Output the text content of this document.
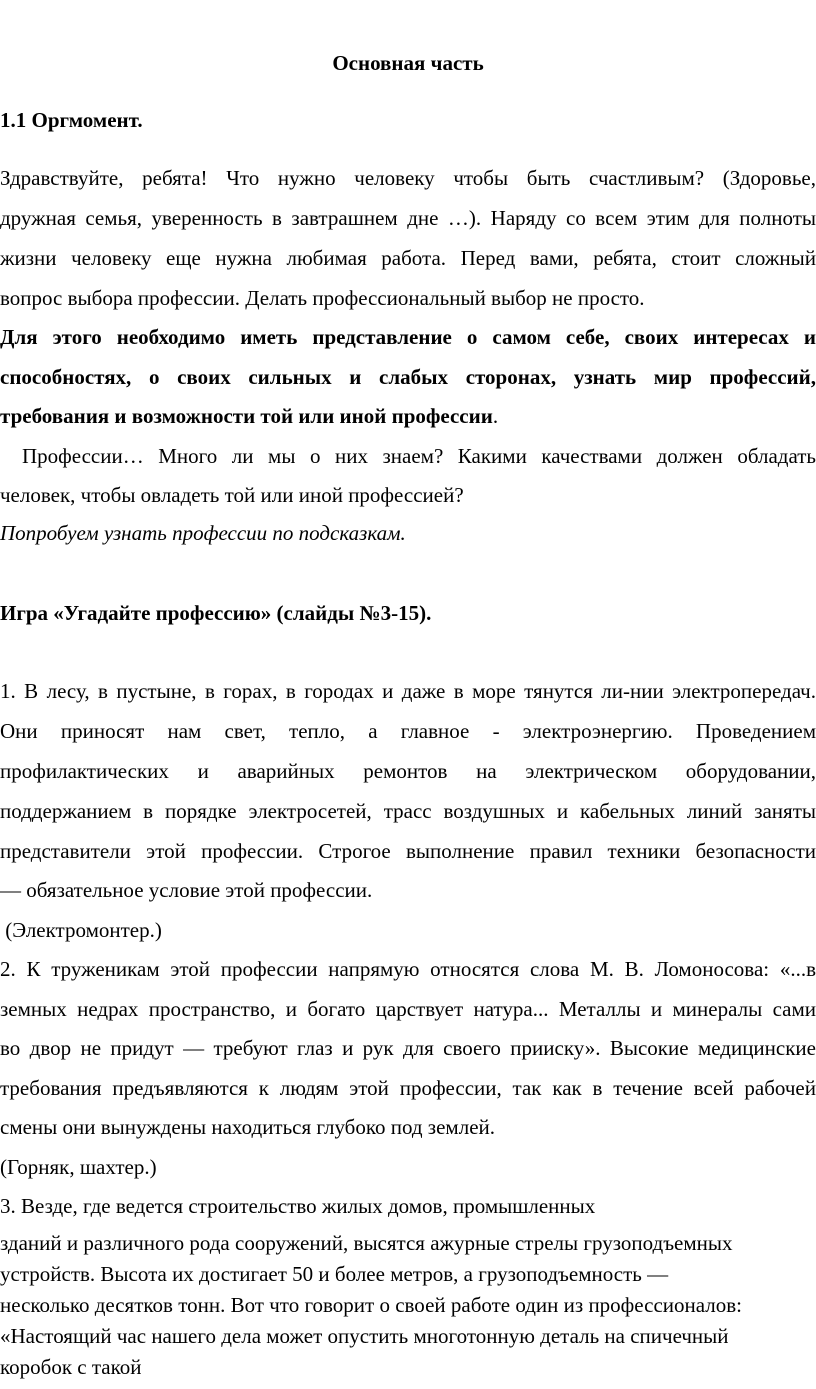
Основная часть
1.1 Оргмомент.
Здравствуйте, ребята! Что нужно человеку чтобы быть счастливым? (Здоровье,
дружная семья, уверенность в завтрашнем дне …). Наряду со всем этим для полноты
жизни человеку еще нужна любимая работа. Перед вами, ребята, стоит сложный
вопрос выбора профессии. Делать профессиональный выбор не просто.
Для этого необходимо иметь представление о самом себе, своих интересах и
способностях, о своих сильных и слабых сторонах, узнать мир профессий,
требования и возможности той или иной профессии.
Профессии… Много ли мы о них знаем? Какими качествами должен обладать
человек, чтобы овладеть той или иной профессией?
Попробуем узнать профессии по подсказкам.
Игра «Угадайте профессию» (слайды №3-15).
1. В лесу, в пустыне, в горах, в городах и даже в море тянутся ли-нии электропередач.
Они приносят нам свет, тепло, а главное - электроэнергию. Проведением
профилактических и аварийных ремонтов на электрическом оборудовании,
поддержанием в порядке электросетей, трасс воздушных и кабельных линий заняты
представители этой профессии. Строгое выполнение правил техники безопасности
— обязательное условие этой профессии.
(Электромонтер.)
2. К труженикам этой профессии напрямую относятся слова М. В. Ломоносова: «...в
земных недрах пространство, и богато царствует натура... Металлы и минералы сами
во двор не придут — требуют глаз и рук для своего прииску». Высокие медицинские
требования предъявляются к людям этой профессии, так как в течение всей рабочей
смены они вынуждены находиться глубоко под землей.
(Горняк, шахтер.)
3. Везде, где ведется строительство жилых домов, промышленных
зданий и различного рода сооружений, высятся ажурные стрелы грузоподъемных
устройств. Высота их достигает 50 и более метров, а грузоподъемность —
несколько десятков тонн. Вот что говорит о своей работе один из профессионалов:
«Настоящий час нашего дела может опустить многотонную деталь на спичечный
коробок с такой
